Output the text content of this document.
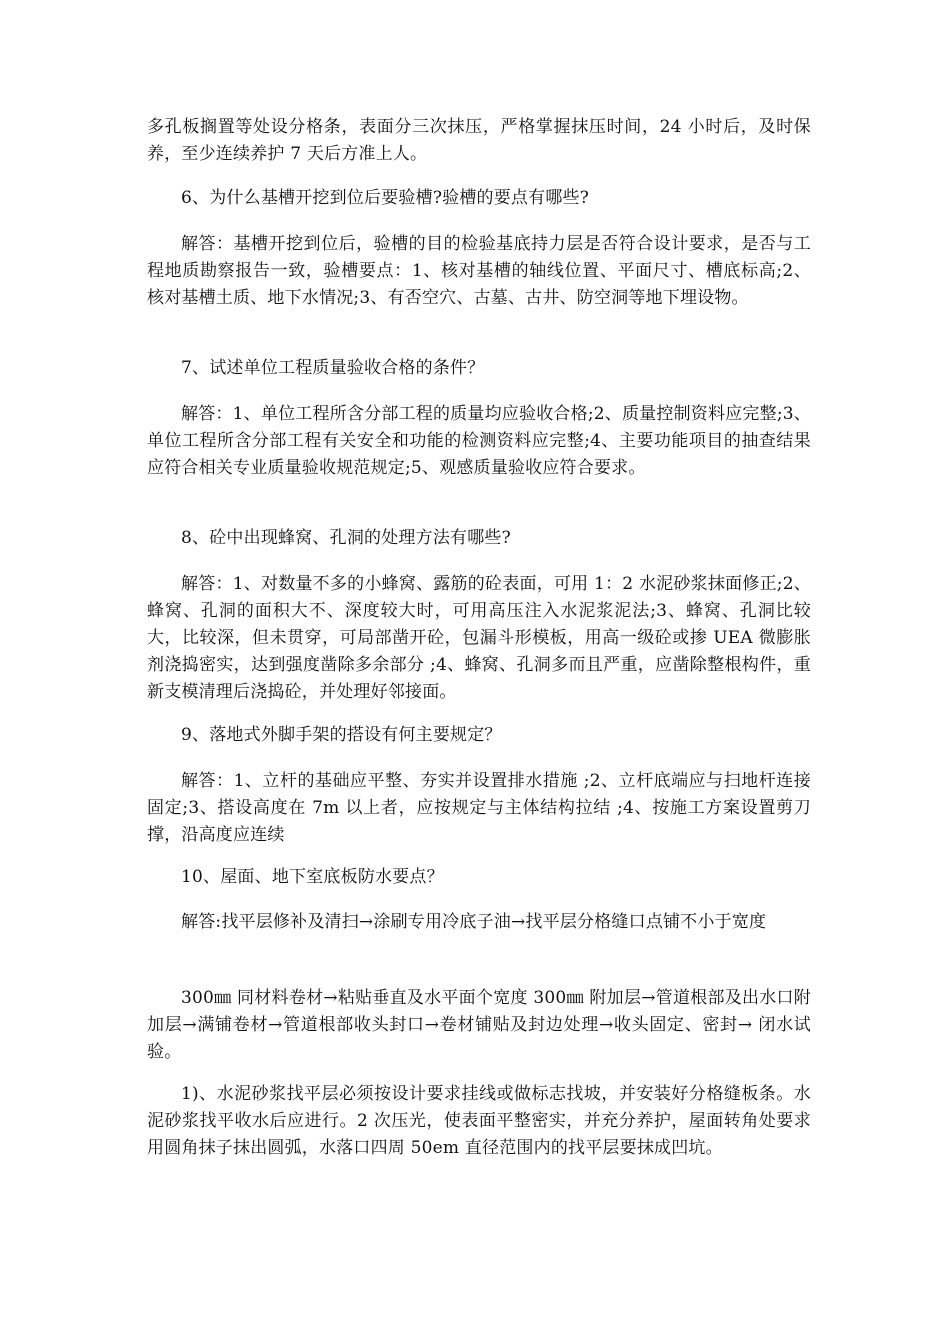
多孔板搁置等处设分格条，表面分三次抹压，严格掌握抹压时间，24 小时后，及时保养，至少连续养护 7 天后方准上人。

6、为什么基槽开挖到位后要验槽?验槽的要点有哪些?

解答：基槽开挖到位后，验槽的目的检验基底持力层是否符合设计要求，是否与工程地质勘察报告一致，验槽要点：1、核对基槽的轴线位置、平面尺寸、槽底标高;2、核对基槽土质、地下水情况;3、有否空穴、古墓、古井、防空洞等地下埋设物。

7、试述单位工程质量验收合格的条件？

解答：1、单位工程所含分部工程的质量均应验收合格;2、质量控制资料应完整;3、单位工程所含分部工程有关安全和功能的检测资料应完整;4、主要功能项目的抽查结果应符合相关专业质量验收规范规定;5、观感质量验收应符合要求。

8、砼中出现蜂窝、孔洞的处理方法有哪些?

解答：1、对数量不多的小蜂窝、露筋的砼表面，可用 1：2 水泥砂浆抹面修正;2、蜂窝、孔洞的面积大不、深度较大时，可用高压注入水泥浆泥法;3、蜂窝、孔洞比较大，比较深，但未贯穿，可局部凿开砼，包漏斗形模板，用高一级砼或掺 UEA 微膨胀剂浇捣密实，达到强度凿除多余部分 ;4、蜂窝、孔洞多而且严重，应凿除整根构件，重新支模清理后浇捣砼，并处理好邻接面。

9、落地式外脚手架的搭设有何主要规定？

解答：1、立杆的基础应平整、夯实并设置排水措施 ;2、立杆底端应与扫地杆连接固定;3、搭设高度在 7m 以上者，应按规定与主体结构拉结 ;4、按施工方案设置剪刀撑，沿高度应连续

10、屋面、地下室底板防水要点？

解答:找平层修补及清扫→涂刷专用冷底子油→找平层分格缝口点铺不小于宽度

300㎜ 同材料卷材→粘贴垂直及水平面个宽度 300㎜ 附加层→管道根部及出水口附加层→满铺卷材→管道根部收头封口→卷材铺贴及封边处理→收头固定、密封→ 闭水试验。

1)、水泥砂浆找平层必须按设计要求挂线或做标志找坡，并安装好分格缝板条。水泥砂浆找平收水后应进行。2 次压光，使表面平整密实，并充分养护，屋面转角处要求用圆角抹子抹出圆弧，水落口四周 50em 直径范围内的找平层要抹成凹坑。
